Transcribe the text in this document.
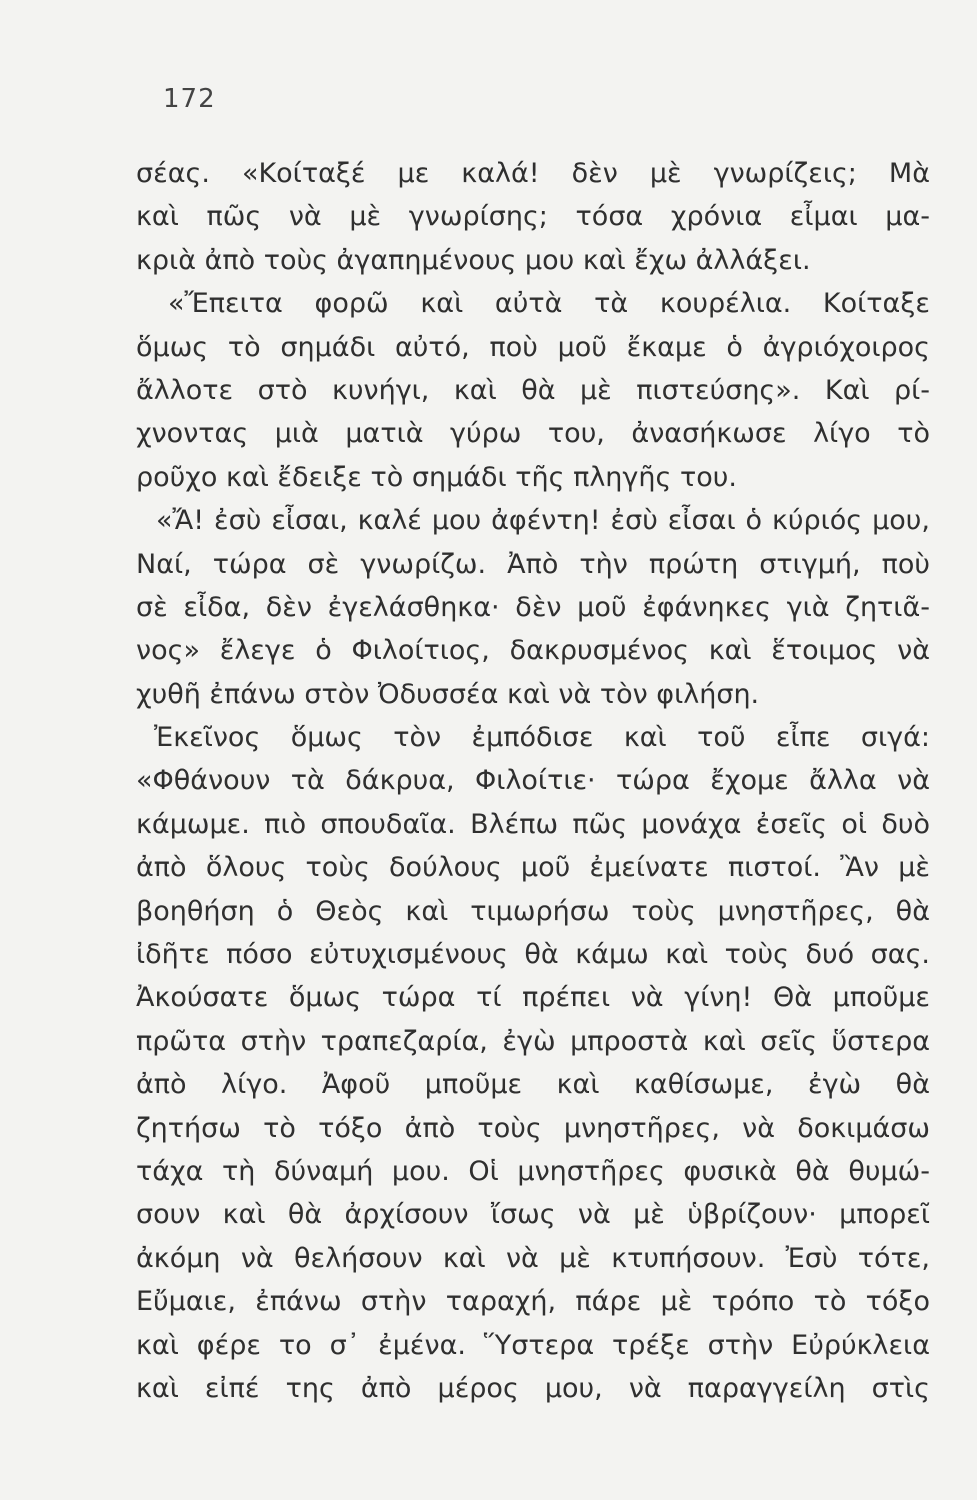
172
σέας. «Κοίταξέ με καλά! δὲν μὲ γνωρίζεις; Μὰ
καὶ πῶς νὰ μὲ γνωρίσης; τόσα χρόνια εἶμαι μα-
κριὰ ἀπὸ τοὺς ἀγαπημένους μου καὶ ἔχω ἀλλάξει.
«Ἔπειτα φορῶ καὶ αὐτὰ τὰ κουρέλια. Κοίταξε
ὅμως τὸ σημάδι αὐτό, ποὺ μοῦ ἔκαμε ὁ ἀγριόχοιρος
ἄλλοτε στὸ κυνήγι, καὶ θὰ μὲ πιστεύσης». Καὶ ρί-
χνοντας μιὰ ματιὰ γύρω του, ἀνασήκωσε λίγο τὸ
ροῦχο καὶ ἔδειξε τὸ σημάδι τῆς πληγῆς του.
«Ἄ! ἐσὺ εἶσαι, καλέ μου ἀφέντη! ἐσὺ εἶσαι ὁ κύριός μου,
Ναί, τώρα σὲ γνωρίζω. Ἀπὸ τὴν πρώτη στιγμή, ποὺ
σὲ εἶδα, δὲν ἐγελάσθηκα· δὲν μοῦ ἐφάνηκες γιὰ ζητιᾶ-
νος» ἔλεγε ὁ Φιλοίτιος, δακρυσμένος καὶ ἕτοιμος νὰ
χυθῆ ἐπάνω στὸν Ὀδυσσέα καὶ νὰ τὸν φιλήση.
Ἐκεῖνος ὅμως τὸν ἐμπόδισε καὶ τοῦ εἶπε σιγά:
«Φθάνουν τὰ δάκρυα, Φιλοίτιε· τώρα ἔχομε ἄλλα νὰ
κάμωμε. πιὸ σπουδαῖα. Βλέπω πῶς μονάχα ἐσεῖς οἱ δυὸ
ἀπὸ ὅλους τοὺς δούλους μοῦ ἐμείνατε πιστοί. Ἂν μὲ
βοηθήση ὁ Θεὸς καὶ τιμωρήσω τοὺς μνηστῆρες, θὰ
ἰδῆτε πόσο εὐτυχισμένους θὰ κάμω καὶ τοὺς δυό σας.
Ἀκούσατε ὅμως τώρα τί πρέπει νὰ γίνη! Θὰ μποῦμε
πρῶτα στὴν τραπεζαρία, ἐγὼ μπροστὰ καὶ σεῖς ὕστερα
ἀπὸ λίγο. Ἀφοῦ μποῦμε καὶ καθίσωμε, ἐγὼ θὰ
ζητήσω τὸ τόξο ἀπὸ τοὺς μνηστῆρες, νὰ δοκιμάσω
τάχα τὴ δύναμή μου. Οἱ μνηστῆρες φυσικὰ θὰ θυμώ-
σουν καὶ θὰ ἀρχίσουν ἴσως νὰ μὲ ὑβρίζουν· μπορεῖ
ἀκόμη νὰ θελήσουν καὶ νὰ μὲ κτυπήσουν. Ἐσὺ τότε,
Εὔμαιε, ἐπάνω στὴν ταραχή, πάρε μὲ τρόπο τὸ τόξο
καὶ φέρε το σ᾽ ἐμένα. Ὕστερα τρέξε στὴν Εὐρύκλεια
καὶ εἰπέ της ἀπὸ μέρος μου, νὰ παραγγείλη στὶς
